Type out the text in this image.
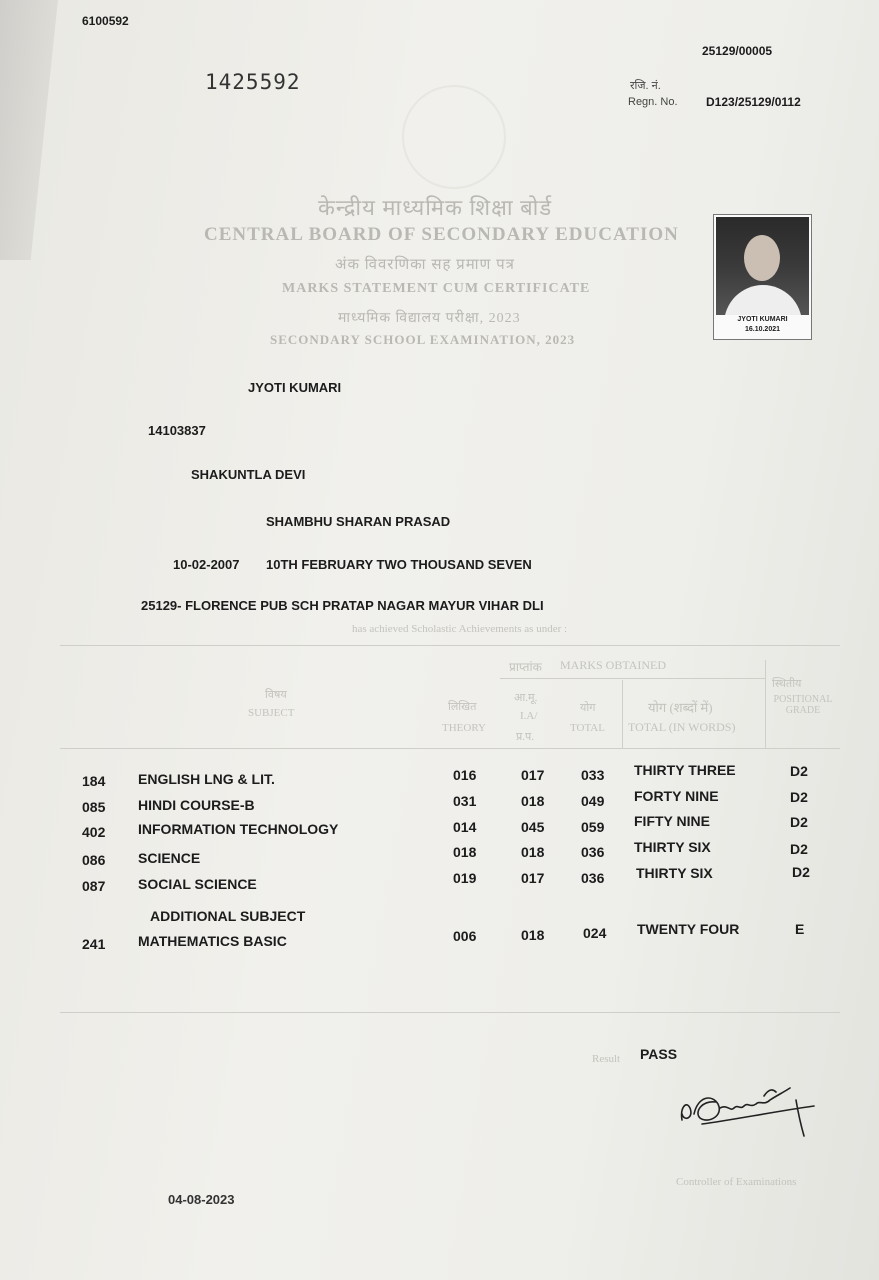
6100592
1425592
25129/00005
रजि. नं.
Regn. No. D123/25129/0112
केन्द्रीय माध्यमिक शिक्षा बोर्ड
CENTRAL BOARD OF SECONDARY EDUCATION
अंक विवरणिका सह प्रमाण पत्र
MARKS STATEMENT CUM CERTIFICATE
माध्यमिक विद्यालय परीक्षा, 2023
SECONDARY SCHOOL EXAMINATION, 2023
JYOTI KUMARI
16.10.2021
JYOTI KUMARI
14103837
SHAKUNTLA DEVI
SHAMBHU SHARAN PRASAD
10-02-2007 10TH FEBRUARY TWO THOUSAND SEVEN
25129- FLORENCE PUB SCH PRATAP NAGAR MAYUR VIHAR DLI
has achieved Scholastic Achievements as under :
प्राप्तांक MARKS OBTAINED
विषय
SUBJECT	लिखित
THEORY
आ.मू.
I.A/
प्र.प.
योग
TOTAL
योग (शब्दों में)
TOTAL (IN WORDS)
स्थितीय
POSITIONAL GRADE
184 ENGLISH LNG & LIT.	016	017	033 THIRTY THREE	D2
085 HINDI COURSE-B	031	018	049 FORTY NINE	D2
402 INFORMATION TECHNOLOGY	014	045	059 FIFTY NINE	D2
086 SCIENCE	018	018	036 THIRTY SIX	D2
087 SOCIAL SCIENCE	019	017	036 THIRTY SIX	D2
ADDITIONAL SUBJECT
241 MATHEMATICS BASIC	006	018	024 TWENTY FOUR	E
Result PASS
Controller of Examinations
04-08-2023
